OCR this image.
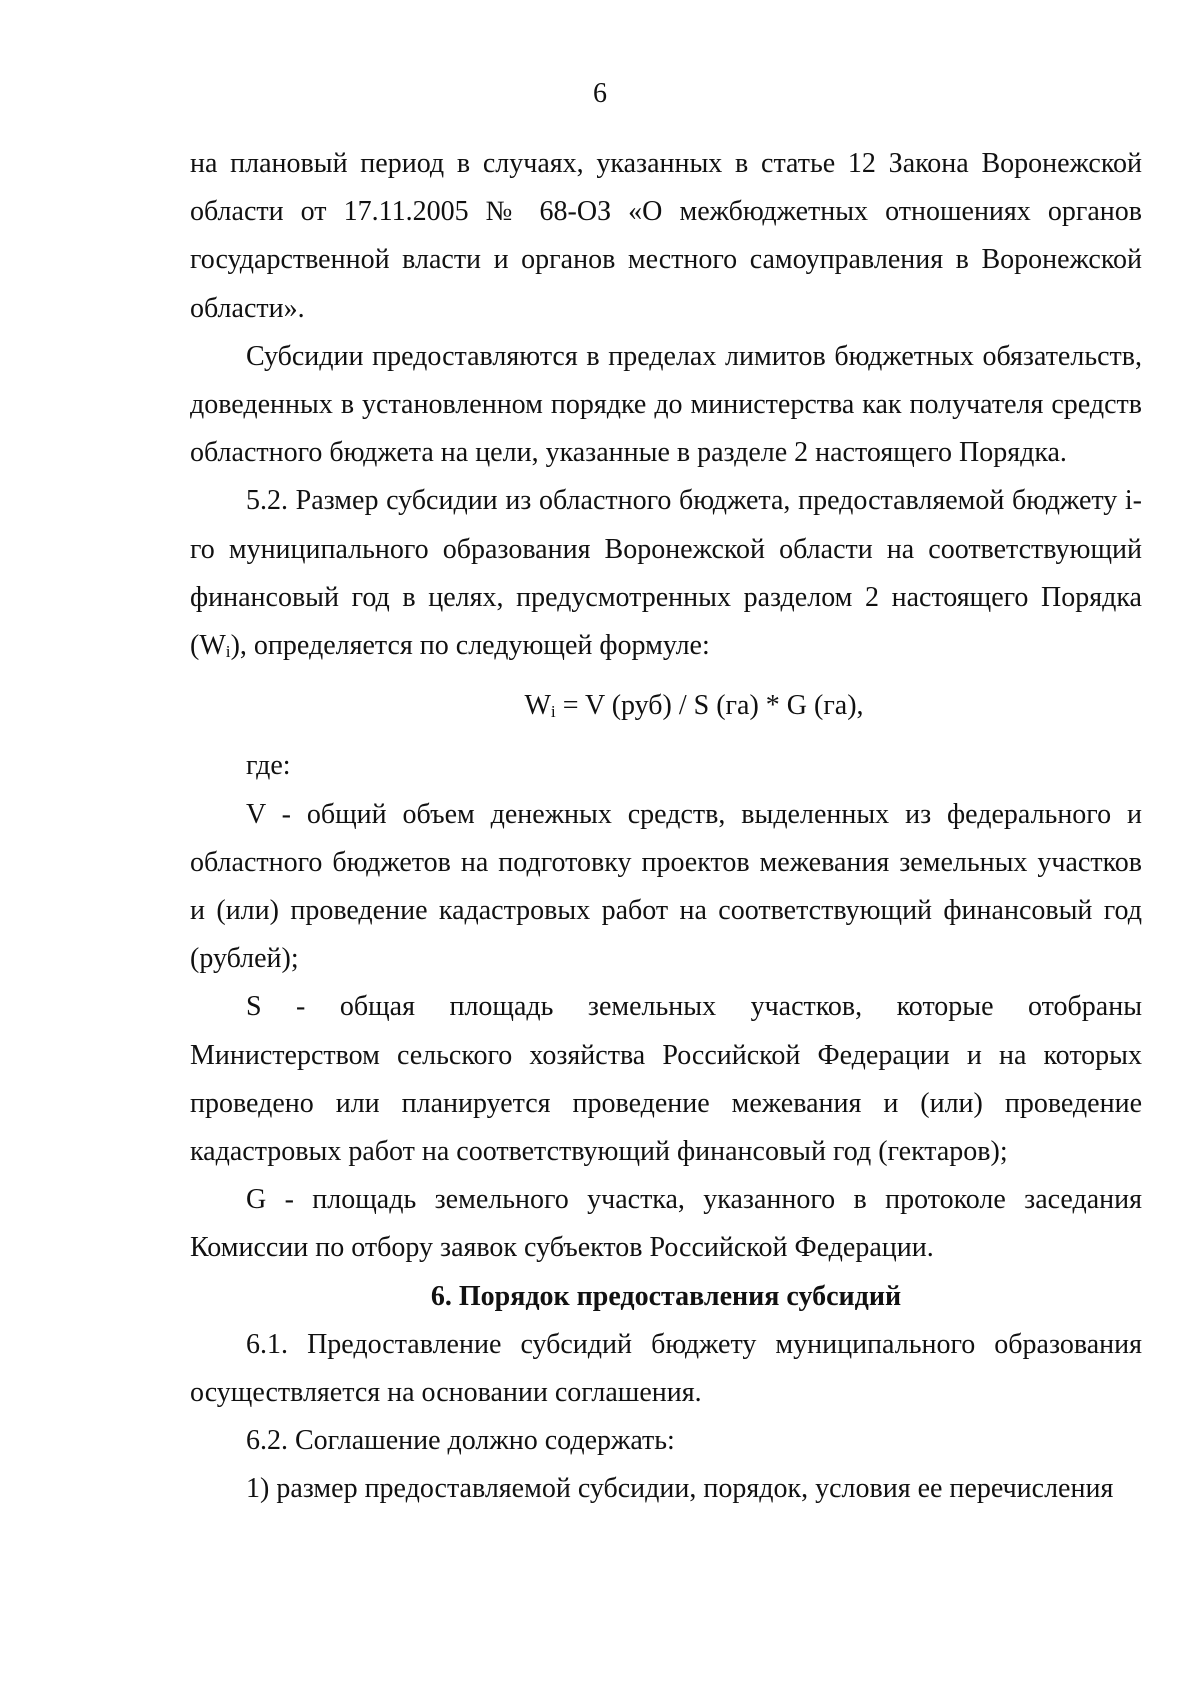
6

на плановый период в случаях, указанных в статье 12 Закона Воронежской области от 17.11.2005 № 68-ОЗ «О межбюджетных отношениях органов государственной власти и органов местного самоуправления в Воронежской области».

Субсидии предоставляются в пределах лимитов бюджетных обязательств, доведенных в установленном порядке до министерства как получателя средств областного бюджета на цели, указанные в разделе 2 настоящего Порядка.

5.2. Размер субсидии из областного бюджета, предоставляемой бюджету i-го муниципального образования Воронежской области на соответствующий финансовый год в целях, предусмотренных разделом 2 настоящего Порядка $(W_i)$, определяется по следующей формуле:

$W_i = V$ (руб) / S (га) * G (га),

где:

V - общий объем денежных средств, выделенных из федерального и областного бюджетов на подготовку проектов межевания земельных участков и (или) проведение кадастровых работ на соответствующий финансовый год (рублей);

S - общая площадь земельных участков, которые отобраны Министерством сельского хозяйства Российской Федерации и на которых проведено или планируется проведение межевания и (или) проведение кадастровых работ на соответствующий финансовый год (гектаров);

G - площадь земельного участка, указанного в протоколе заседания Комиссии по отбору заявок субъектов Российской Федерации.

6. Порядок предоставления субсидий

6.1. Предоставление субсидий бюджету муниципального образования осуществляется на основании соглашения.

6.2. Соглашение должно содержать:

1) размер предоставляемой субсидии, порядок, условия ее перечисления
